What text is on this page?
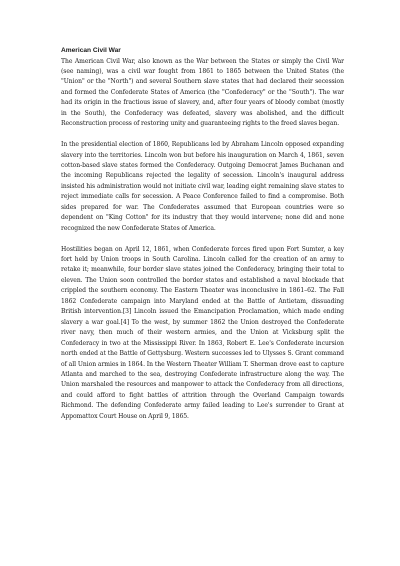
American Civil War

The American Civil War, also known as the War between the States or simply the Civil War (see naming), was a civil war fought from 1861 to 1865 between the United States (the "Union" or the "North") and several Southern slave states that had declared their secession and formed the Confederate States of America (the "Confederacy" or the "South"). The war had its origin in the fractious issue of slavery, and, after four years of bloody combat (mostly in the South), the Confederacy was defeated, slavery was abolished, and the difficult Reconstruction process of restoring unity and guaranteeing rights to the freed slaves began.

In the presidential election of 1860, Republicans led by Abraham Lincoln opposed expanding slavery into the territories. Lincoln won but before his inauguration on March 4, 1861, seven cotton-based slave states formed the Confederacy. Outgoing Democrat James Buchanan and the incoming Republicans rejected the legality of secession. Lincoln's inaugural address insisted his administration would not initiate civil war, leading eight remaining slave states to reject immediate calls for secession. A Peace Conference failed to find a compromise. Both sides prepared for war. The Confederates assumed that European countries were so dependent on "King Cotton" for its industry that they would intervene; none did and none recognized the new Confederate States of America.

Hostilities began on April 12, 1861, when Confederate forces fired upon Fort Sumter, a key fort held by Union troops in South Carolina. Lincoln called for the creation of an army to retake it; meanwhile, four border slave states joined the Confederacy, bringing their total to eleven. The Union soon controlled the border states and established a naval blockade that crippled the southern economy. The Eastern Theater was inconclusive in 1861–62. The Fall 1862 Confederate campaign into Maryland ended at the Battle of Antietam, dissuading British intervention.[3] Lincoln issued the Emancipation Proclamation, which made ending slavery a war goal.[4] To the west, by summer 1862 the Union destroyed the Confederate river navy, then much of their western armies, and the Union at Vicksburg split the Confederacy in two at the Mississippi River. In 1863, Robert E. Lee's Confederate incursion north ended at the Battle of Gettysburg. Western successes led to Ulysses S. Grant command of all Union armies in 1864. In the Western Theater William T. Sherman drove east to capture Atlanta and marched to the sea, destroying Confederate infrastructure along the way. The Union marshaled the resources and manpower to attack the Confederacy from all directions, and could afford to fight battles of attrition through the Overland Campaign towards Richmond. The defending Confederate army failed leading to Lee's surrender to Grant at Appomattox Court House on April 9, 1865.
